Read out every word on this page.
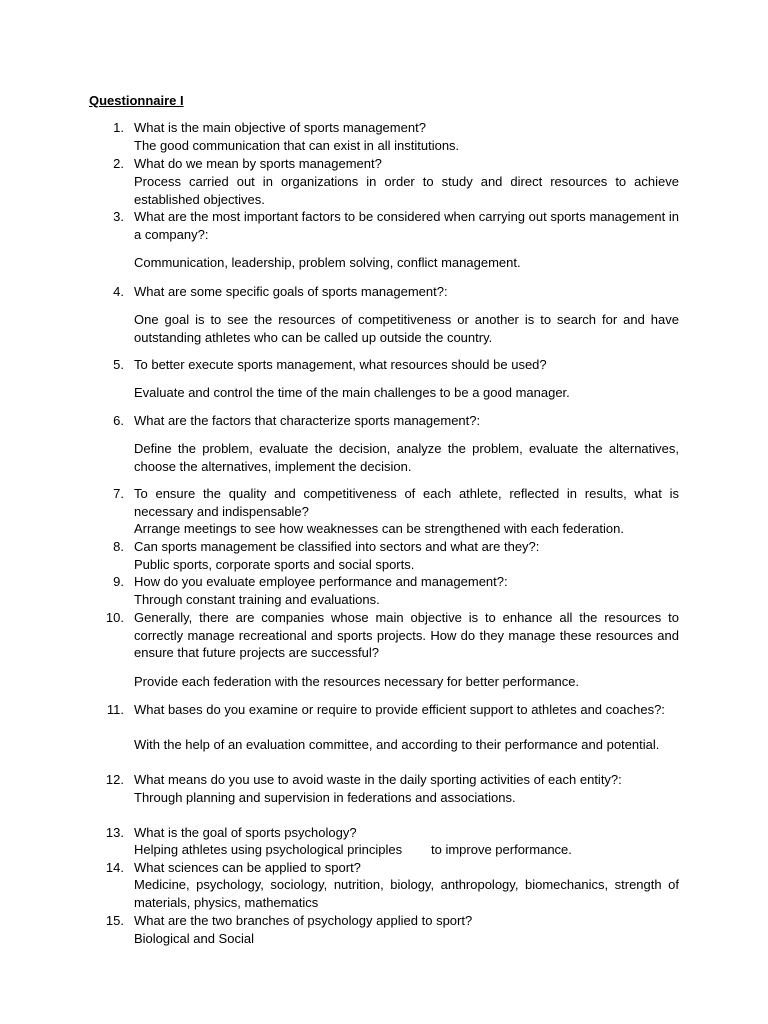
Questionnaire I
1. What is the main objective of sports management?
The good communication that can exist in all institutions.
2. What do we mean by sports management?
Process carried out in organizations in order to study and direct resources to achieve established objectives.
3. What are the most important factors to be considered when carrying out sports management in a company?:
Communication, leadership, problem solving, conflict management.
4. What are some specific goals of sports management?:
One goal is to see the resources of competitiveness or another is to search for and have outstanding athletes who can be called up outside the country.
5. To better execute sports management, what resources should be used?
Evaluate and control the time of the main challenges to be a good manager.
6. What are the factors that characterize sports management?:
Define the problem, evaluate the decision, analyze the problem, evaluate the alternatives, choose the alternatives, implement the decision.
7. To ensure the quality and competitiveness of each athlete, reflected in results, what is necessary and indispensable?
Arrange meetings to see how weaknesses can be strengthened with each federation.
8. Can sports management be classified into sectors and what are they?:
Public sports, corporate sports and social sports.
9. How do you evaluate employee performance and management?:
Through constant training and evaluations.
10. Generally, there are companies whose main objective is to enhance all the resources to correctly manage recreational and sports projects. How do they manage these resources and ensure that future projects are successful?
Provide each federation with the resources necessary for better performance.
11. What bases do you examine or require to provide efficient support to athletes and coaches?:
With the help of an evaluation committee, and according to their performance and potential.
12. What means do you use to avoid waste in the daily sporting activities of each entity?:
Through planning and supervision in federations and associations.
13. What is the goal of sports psychology?
Helping athletes using psychological principles        to improve performance.
14. What sciences can be applied to sport?
Medicine, psychology, sociology, nutrition, biology, anthropology, biomechanics, strength of materials, physics, mathematics
15. What are the two branches of psychology applied to sport?
Biological and Social
